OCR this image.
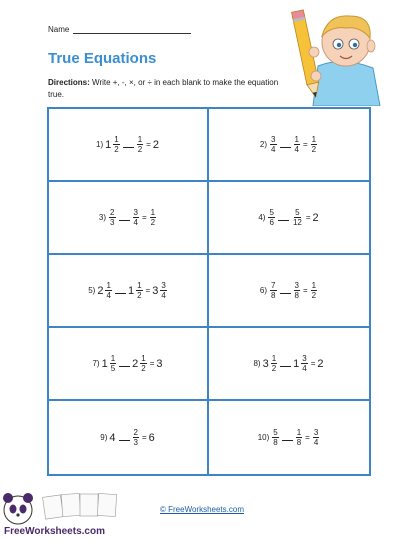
Name
True Equations
Directions: Write +, -, ×, or ÷ in each blank to make the equation true.
1) $1 \frac{1}{2} \frac{1}{2} = 2$	$2) \frac{3}{4} \frac{1}{4} = \frac{1}{2}$
$3) \frac{2}{3} \frac{3}{4} = \frac{1}{2}$	$4) \frac{5}{6} \frac{5}{12} = 2$
5) $2 \frac{1}{4} 1 \frac{1}{2} = 3 \frac{3}{4}$	$6) \frac{7}{8} \frac{3}{8} = \frac{1}{2}$
7) $1 \frac{1}{5} 2 \frac{1}{2} = 3$	8) $3 \frac{1}{2} 1 \frac{3}{4} = 2$
9) $4 \frac{2}{3} = 6$	$10) \frac{5}{8} \frac{1}{8} = \frac{3}{4}$
© FreeWorksheets.com
FreeWorksheets.com
